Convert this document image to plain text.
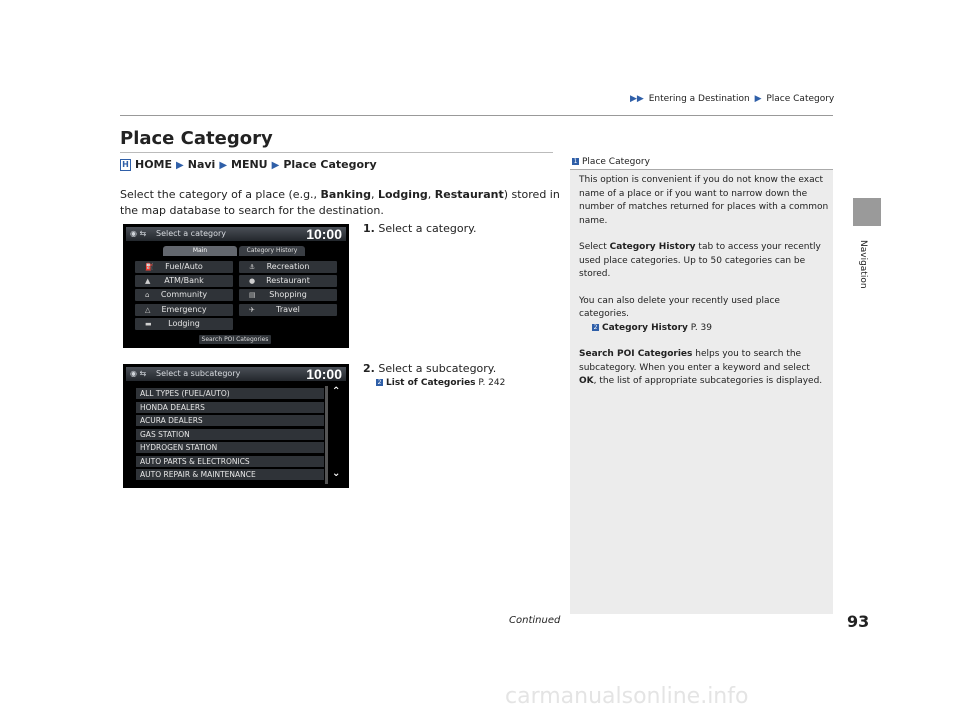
▶▶ Entering a Destination ▶ Place Category
Navigation
Place Category
H HOME ▶ Navi ▶ MENU ▶ Place Category
Select the category of a place (e.g., Banking, Lodging, Restaurant) stored in the map database to search for the destination.
1. Select a category.
2. Select a subcategory.
2 List of Categories P. 242
◉ ⇆ Select a category	10:00
Main	Category History
⛽ Fuel/Auto
▲ ATM/Bank
⌂ Community
△ Emergency
▬ Lodging
⚓ Recreation
● Restaurant
▤ Shopping
✈	Travel
Search POI Categories
◉ ⇆ Select a subcategory	10:00
ALL TYPES (FUEL/AUTO)
HONDA DEALERS
ACURA DEALERS
GAS STATION
HYDROGEN STATION
AUTO PARTS & ELECTRONICS
AUTO REPAIR & MAINTENANCE
⌃
⌄
1 Place Category

This option is convenient if you do not know the exact name of a place or if you want to narrow down the number of matches returned for places with a common name.

Select Category History tab to access your recently used place categories. Up to 50 categories can be stored.

You can also delete your recently used place categories.
2 Category History P. 39

Search POI Categories helps you to search the subcategory. When you enter a keyword and select OK, the list of appropriate subcategories is displayed.

Continued	93
carmanualsonline.info
